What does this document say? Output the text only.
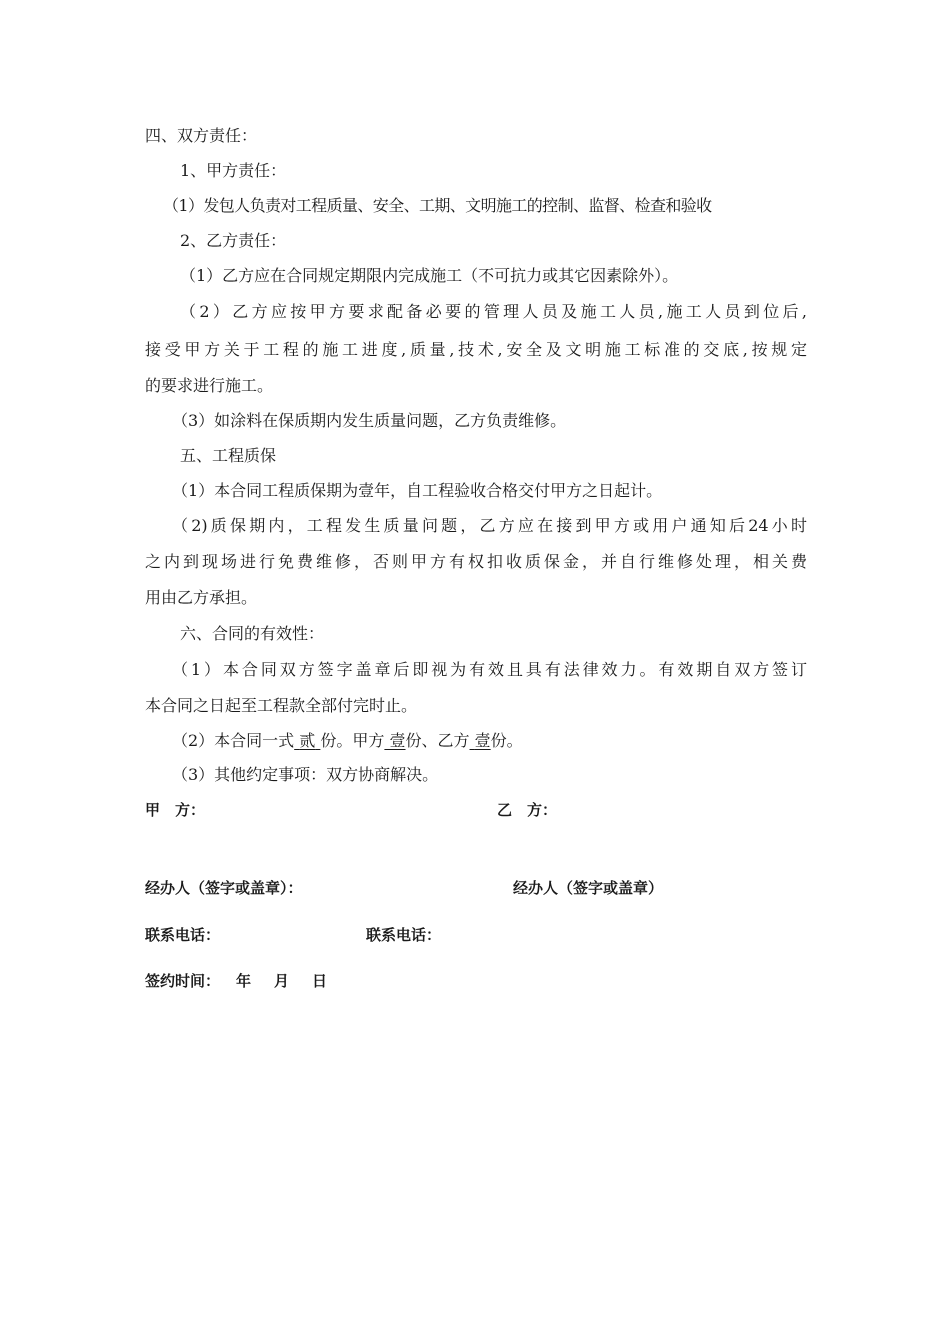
四、双方责任：
1、甲方责任：
（1）发包人负责对工程质量、安全、工期、文明施工的控制、监督、检查和验收
2、乙方责任：
（1）乙方应在合同规定期限内完成施工（不可抗力或其它因素除外）。
（2）乙方应按甲方要求配备必要的管理人员及施工人员,施工人员到位后,
接受甲方关于工程的施工进度,质量,技术,安全及文明施工标准的交底,按规定
的要求进行施工。
（3）如涂料在保质期内发生质量问题，乙方负责维修。
五、工程质保
（1）本合同工程质保期为壹年，自工程验收合格交付甲方之日起计。
（2)质保期内，工程发生质量问题，乙方应在接到甲方或用户通知后24小时
之内到现场进行免费维修，否则甲方有权扣收质保金，并自行维修处理，相关费
用由乙方承担。
六、合同的有效性：
（1）本合同双方签字盖章后即视为有效且具有法律效力。有效期自双方签订
本合同之日起至工程款全部付完时止。
（2）本合同一式 贰 份。甲方 壹份、乙方 壹份。
（3）其他约定事项：双方协商解决。
甲　方：	乙　方：
经办人（签字或盖章）：	经办人（签字或盖章）
联系电话：	联系电话：
签约时间： 年 月 日
